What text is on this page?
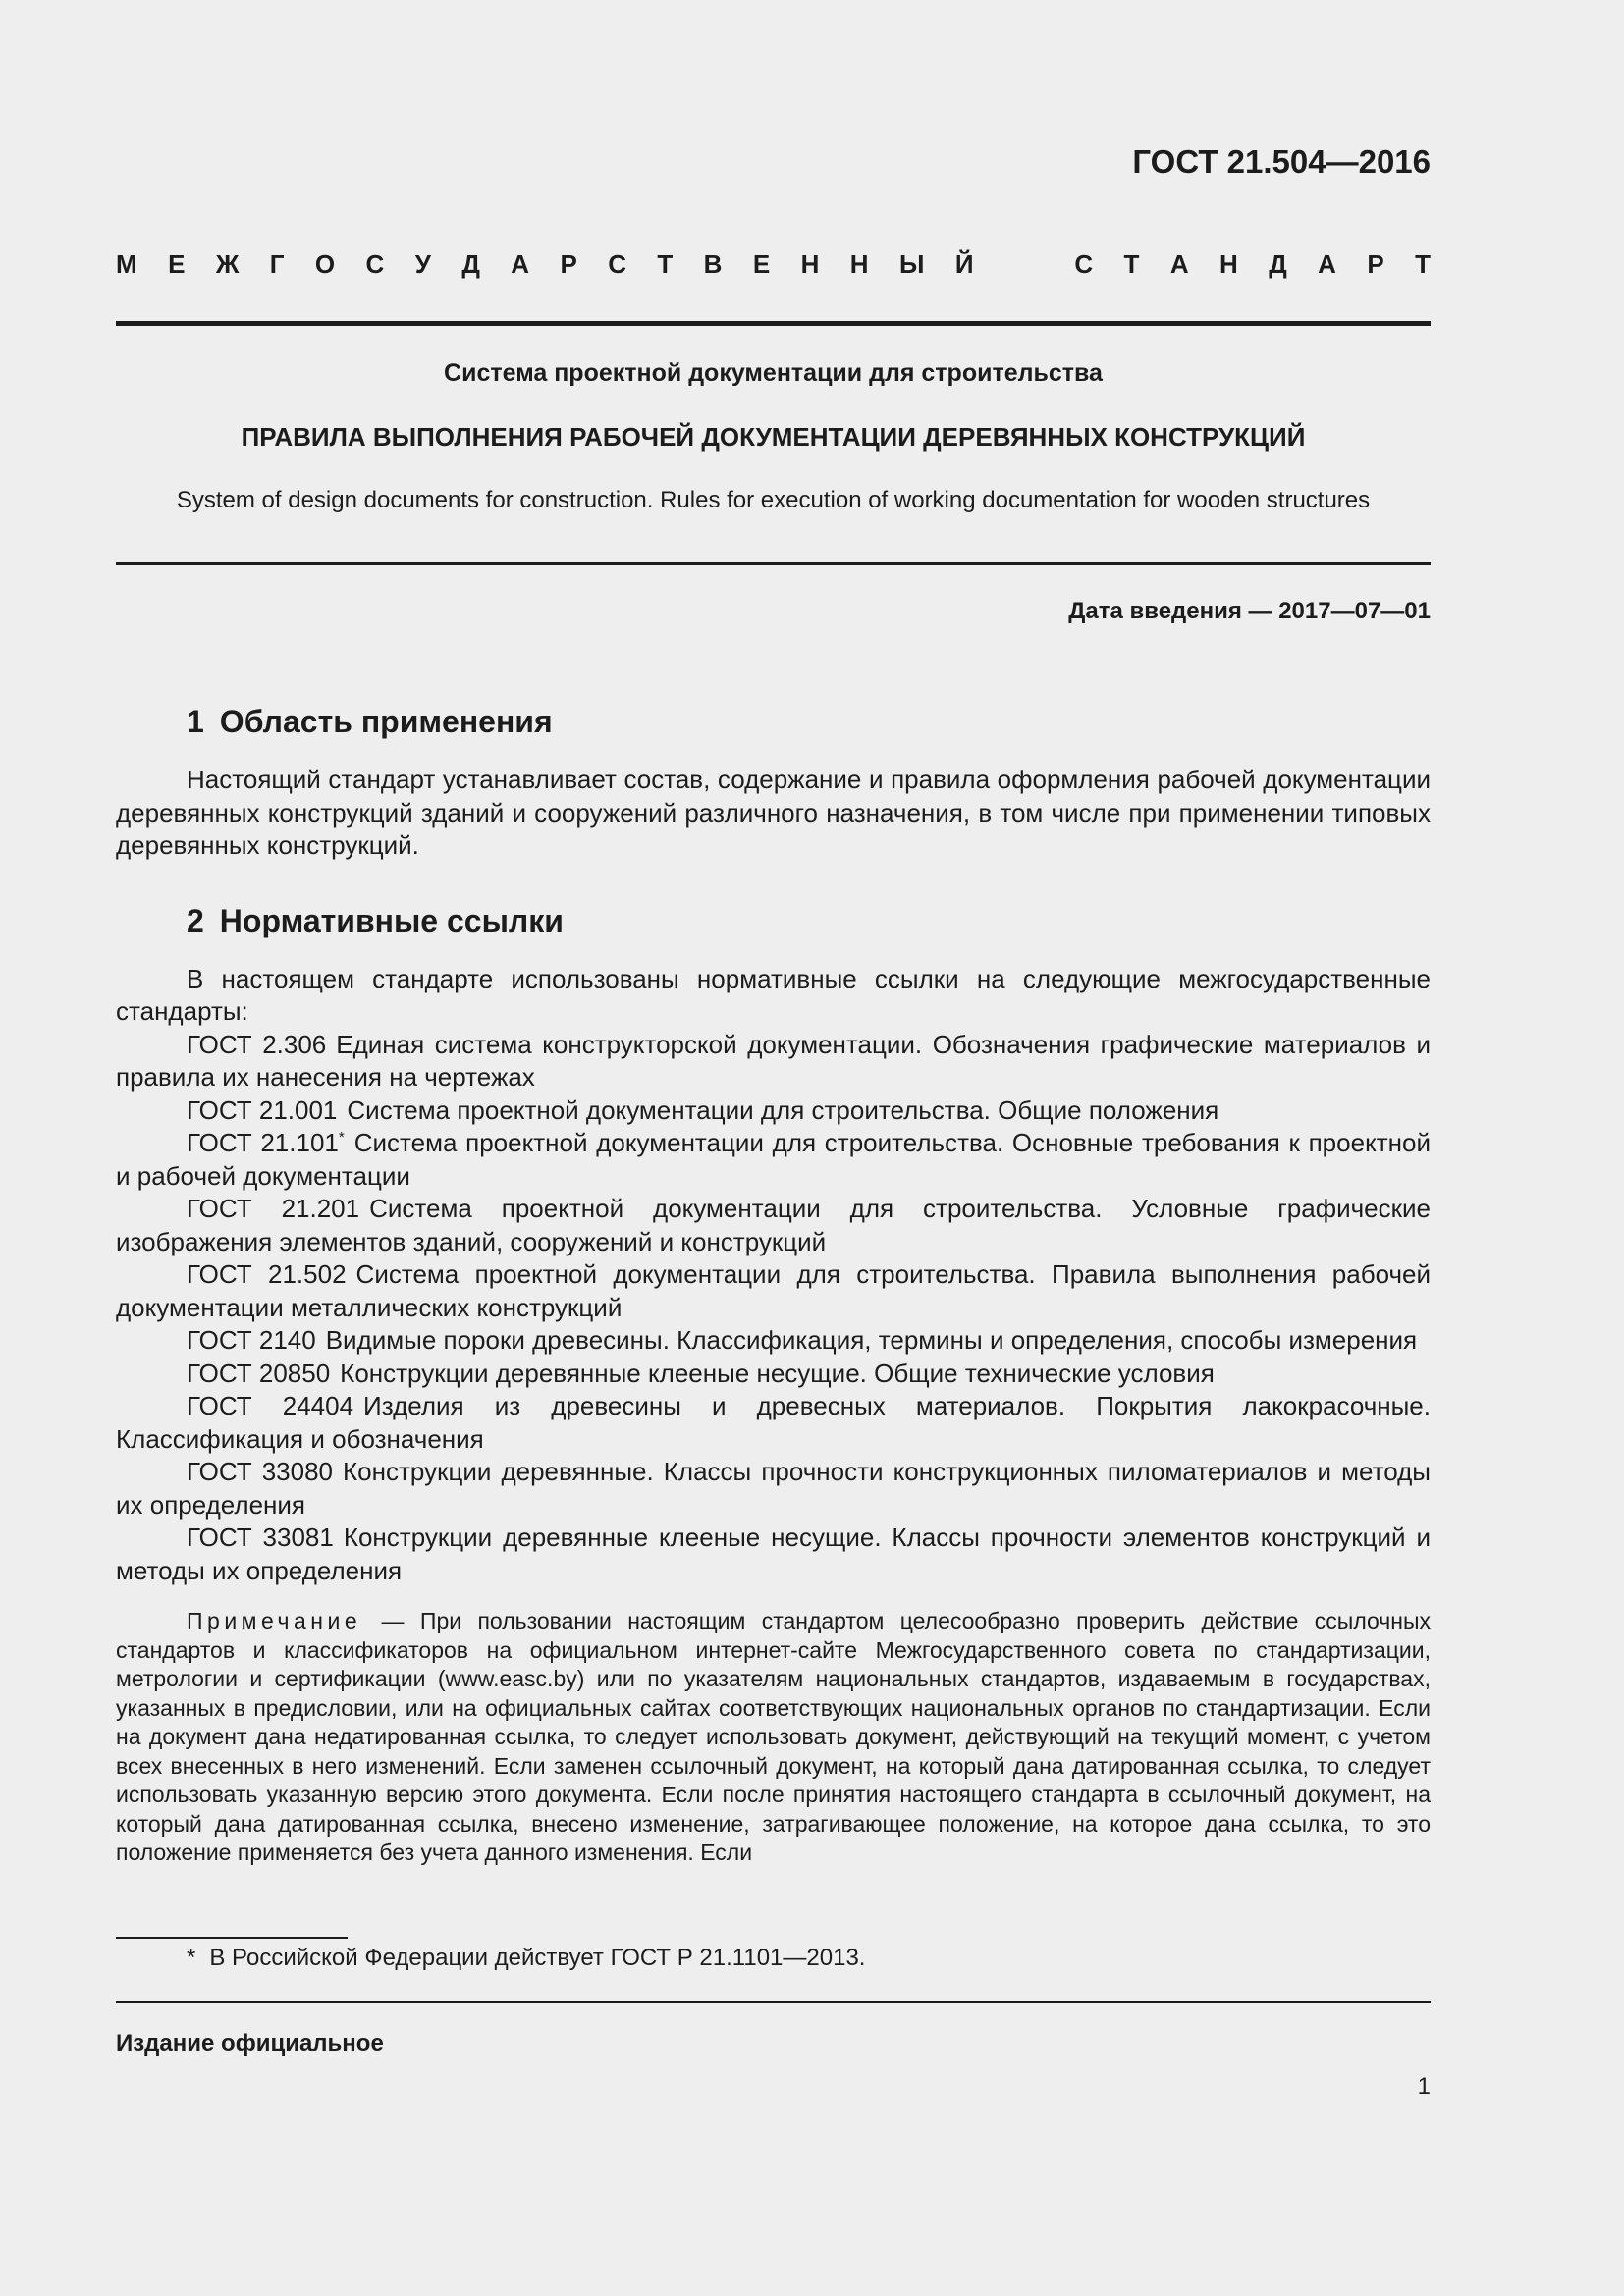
ГОСТ 21.504—2016
М Е Ж Г О С У Д А Р С Т В Е Н Н Ы Й	С Т А Н Д А Р Т
Система проектной документации для строительства
ПРАВИЛА ВЫПОЛНЕНИЯ РАБОЧЕЙ ДОКУМЕНТАЦИИ ДЕРЕВЯННЫХ КОНСТРУКЦИЙ
System of design documents for construction. Rules for execution of working documentation for wooden structures
Дата введения — 2017—07—01
1 Область применения

Настоящий стандарт устанавливает состав, содержание и правила оформления рабочей документации деревянных конструкций зданий и сооружений различного назначения, в том числе при применении типовых деревянных конструкций.

2 Нормативные ссылки

В настоящем стандарте использованы нормативные ссылки на следующие межгосударственные стандарты:

ГОСТ 2.306 Единая система конструкторской документации. Обозначения графические материалов и правила их нанесения на чертежах

ГОСТ 21.001 Система проектной документации для строительства. Общие положения

ГОСТ 21.101* Система проектной документации для строительства. Основные требования к проектной и рабочей документации

ГОСТ 21.201 Система проектной документации для строительства. Условные графические изображения элементов зданий, сооружений и конструкций

ГОСТ 21.502 Система проектной документации для строительства. Правила выполнения рабочей документации металлических конструкций

ГОСТ 2140 Видимые пороки древесины. Классификация, термины и определения, способы измерения

ГОСТ 20850 Конструкции деревянные клееные несущие. Общие технические условия

ГОСТ 24404 Изделия из древесины и древесных материалов. Покрытия лакокрасочные. Классификация и обозначения

ГОСТ 33080 Конструкции деревянные. Классы прочности конструкционных пиломатериалов и методы их определения

ГОСТ 33081 Конструкции деревянные клееные несущие. Классы прочности элементов конструкций и методы их определения

Примечание — При пользовании настоящим стандартом целесообразно проверить действие ссылочных стандартов и классификаторов на официальном интернет-сайте Межгосударственного совета по стандартизации, метрологии и сертификации (www.easc.by) или по указателям национальных стандартов, издаваемым в государствах, указанных в предисловии, или на официальных сайтах соответствующих национальных органов по стандартизации. Если на документ дана недатированная ссылка, то следует использовать документ, действующий на текущий момент, с учетом всех внесенных в него изменений. Если заменен ссылочный документ, на который дана датированная ссылка, то следует использовать указанную версию этого документа. Если после принятия настоящего стандарта в ссылочный документ, на который дана датированная ссылка, внесено изменение, затрагивающее положение, на которое дана ссылка, то это положение применяется без учета данного изменения. Если

* В Российской Федерации действует ГОСТ Р 21.1101—2013.
Издание официальное
1
